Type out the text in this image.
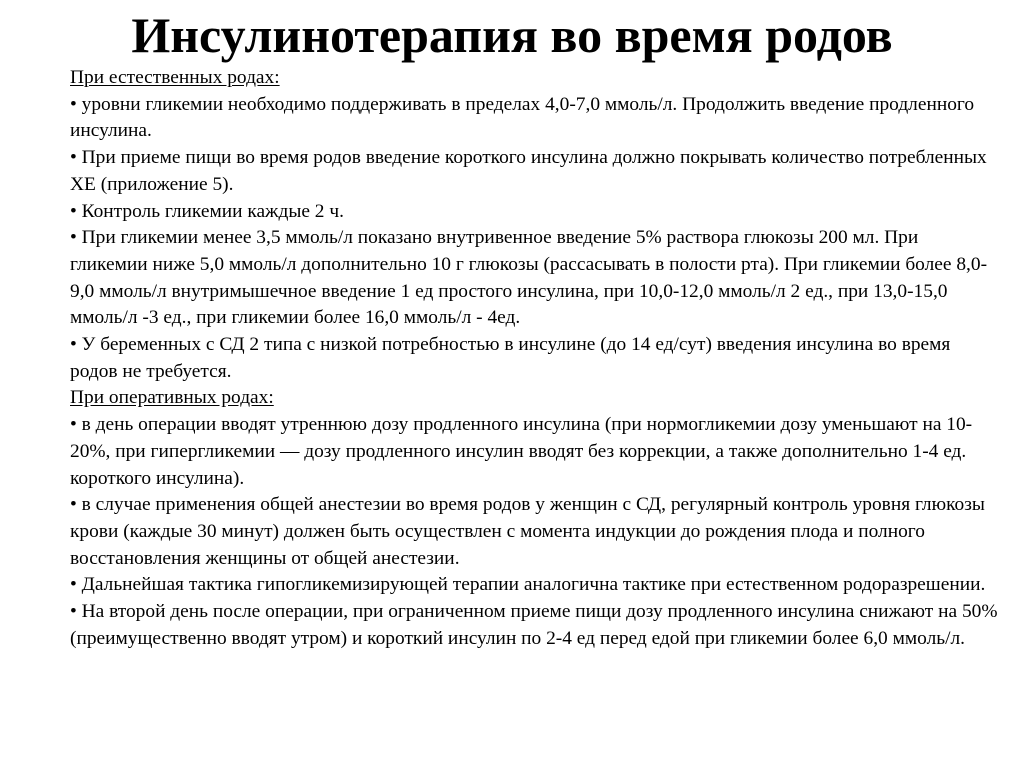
Инсулинотерапия во время родов

При естественных родах:

• уровни гликемии необходимо поддерживать в пределах 4,0-7,0 ммоль/л. Продолжить введение продленного инсулина.

• При приеме пищи во время родов введение короткого инсулина должно покрывать количество потребленных ХЕ (приложение 5).

• Контроль гликемии каждые 2 ч.

• При гликемии менее 3,5 ммоль/л показано внутривенное введение 5% раствора глюкозы 200 мл. При гликемии ниже 5,0 ммоль/л дополнительно 10 г глюкозы (рассасывать в полости рта). При гликемии более 8,0-9,0 ммоль/л внутримышечное введение 1 ед простого инсулина, при 10,0-12,0 ммоль/л 2 ед., при 13,0-15,0 ммоль/л -3 ед., при гликемии более 16,0 ммоль/л - 4ед.

• У беременных с СД 2 типа с низкой потребностью в инсулине (до 14 ед/сут) введения инсулина во время родов не требуется.

При оперативных родах:

• в день операции вводят утреннюю дозу продленного инсулина (при нормогликемии дозу уменьшают на 10-20%, при гипергликемии — дозу продленного инсулин вводят без коррекции, а также дополнительно 1-4 ед. короткого инсулина).

• в случае применения общей анестезии во время родов у женщин с СД, регулярный контроль уровня глюкозы крови (каждые 30 минут) должен быть осуществлен с момента индукции до рождения плода и полного восстановления женщины от общей анестезии.

• Дальнейшая тактика гипогликемизирующей терапии аналогична тактике при естественном родоразрешении.

• На второй день после операции, при ограниченном приеме пищи дозу продленного инсулина снижают на 50% (преимущественно вводят утром) и короткий инсулин по 2-4 ед перед едой при гликемии более 6,0 ммоль/л.
